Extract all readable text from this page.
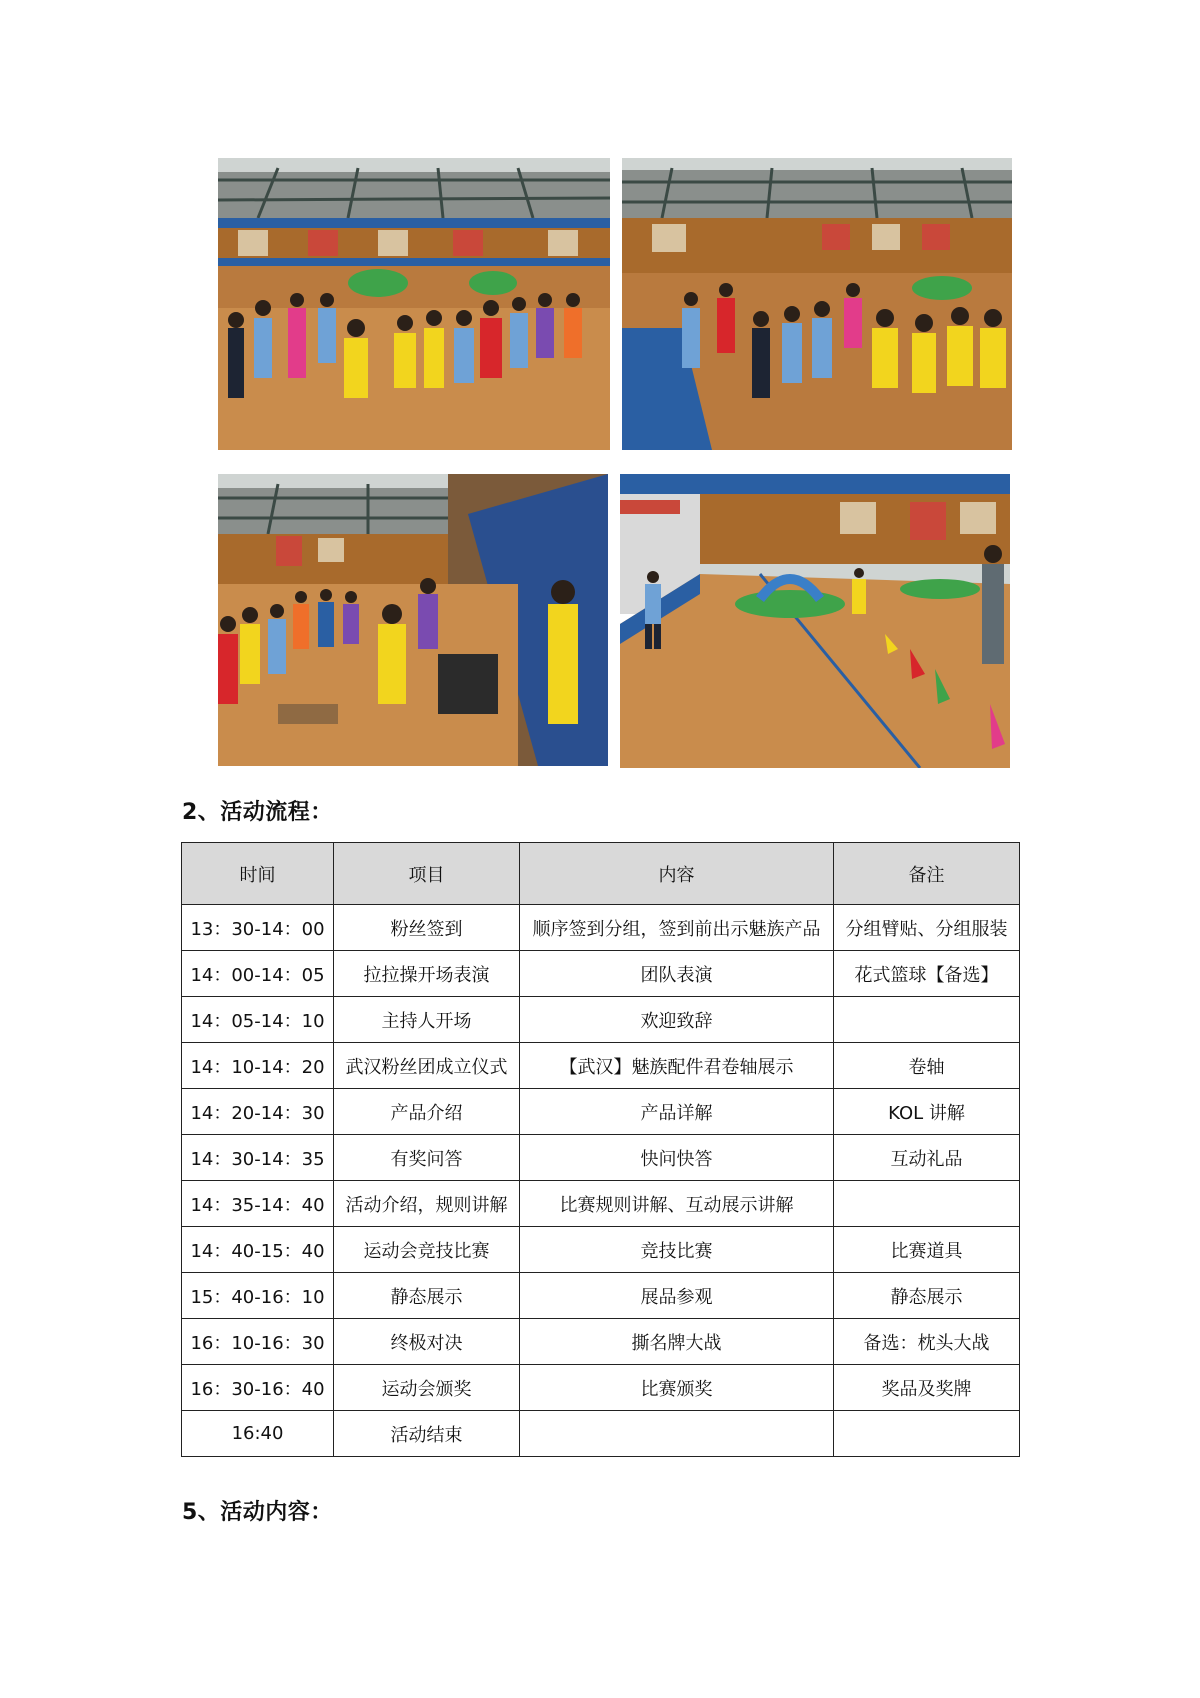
2、活动流程：
时间	项目	内容	备注
13：30-14：00	粉丝签到	顺序签到分组，签到前出示魅族产品	分组臂贴、分组服装
14：00-14：05	拉拉操开场表演	团队表演	花式篮球【备选】
14：05-14：10	主持人开场	欢迎致辞	
14：10-14：20	武汉粉丝团成立仪式	【武汉】魅族配件君卷轴展示	卷轴
14：20-14：30	产品介绍	产品详解	KOL 讲解
14：30-14：35	有奖问答	快问快答	互动礼品
14：35-14：40	活动介绍，规则讲解	比赛规则讲解、互动展示讲解	
14：40-15：40	运动会竞技比赛	竞技比赛	比赛道具
15：40-16：10	静态展示	展品参观	静态展示
16：10-16：30	终极对决	撕名牌大战	备选：枕头大战
16：30-16：40	运动会颁奖	比赛颁奖	奖品及奖牌
16:40	活动结束		
5、活动内容：
